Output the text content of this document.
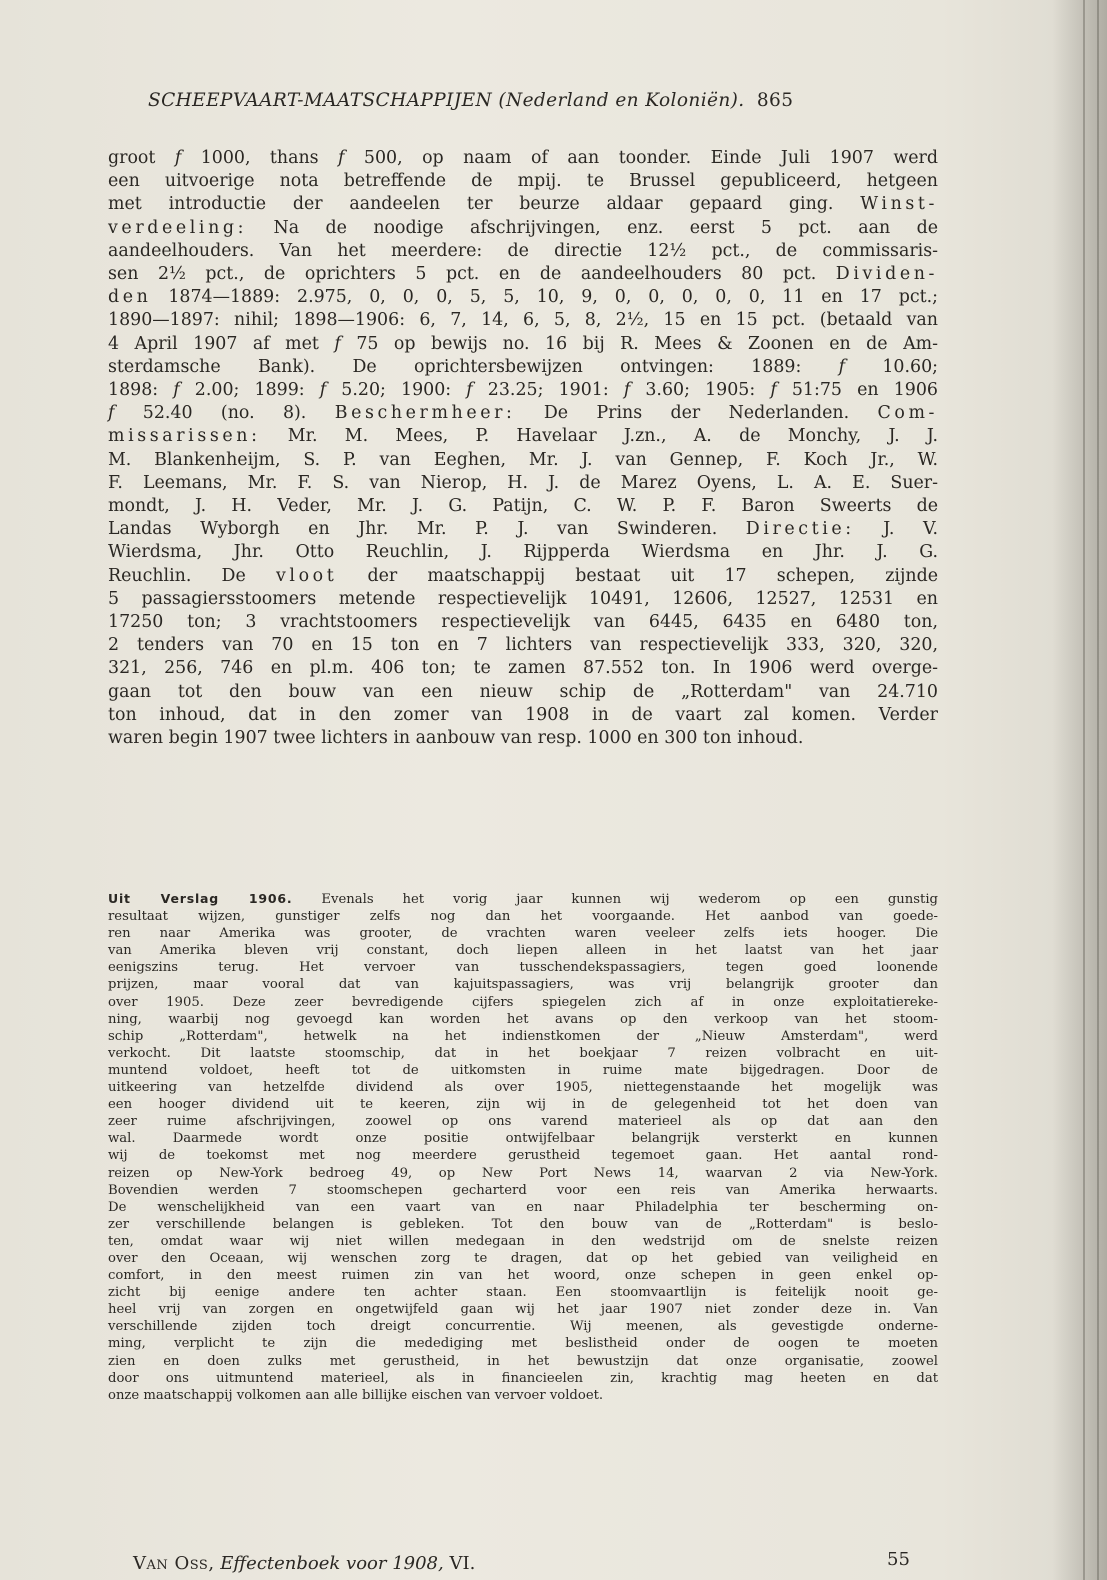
SCHEEPVAART-MAATSCHAPPIJEN (Nederland en Koloniën). 865
groot f 1000, thans f 500, op naam of aan toonder. Einde Juli 1907 werd
een uitvoerige nota betreffende de mpij. te Brussel gepubliceerd, hetgeen
met introductie der aandeelen ter beurze aldaar gepaard ging. Winst-
verdeeling: Na de noodige afschrijvingen, enz. eerst 5 pct. aan de
aandeelhouders. Van het meerdere: de directie 12½ pct., de commissaris-
sen 2½ pct., de oprichters 5 pct. en de aandeelhouders 80 pct. Dividen-
den 1874—1889: 2.975, 0, 0, 0, 5, 5, 10, 9, 0, 0, 0, 0, 0, 11 en 17 pct.;
1890—1897: nihil; 1898—1906: 6, 7, 14, 6, 5, 8, 2½, 15 en 15 pct. (betaald van
4 April 1907 af met f 75 op bewijs no. 16 bij R. Mees & Zoonen en de Am-
sterdamsche Bank). De oprichtersbewijzen ontvingen: 1889: f 10.60;
1898: f 2.00; 1899: f 5.20; 1900: f 23.25; 1901: f 3.60; 1905: f 51:75 en 1906
f 52.40 (no. 8). Beschermheer: De Prins der Nederlanden. Com-
missarissen: Mr. M. Mees, P. Havelaar J.zn., A. de Monchy, J. J.
M. Blankenheijm, S. P. van Eeghen, Mr. J. van Gennep, F. Koch Jr., W.
F. Leemans, Mr. F. S. van Nierop, H. J. de Marez Oyens, L. A. E. Suer-
mondt, J. H. Veder, Mr. J. G. Patijn, C. W. P. F. Baron Sweerts de
Landas Wyborgh en Jhr. Mr. P. J. van Swinderen. Directie: J. V.
Wierdsma, Jhr. Otto Reuchlin, J. Rijpperda Wierdsma en Jhr. J. G.
Reuchlin. De vloot der maatschappij bestaat uit 17 schepen, zijnde
5 passagiersstoomers metende respectievelijk 10491, 12606, 12527, 12531 en
17250 ton; 3 vrachtstoomers respectievelijk van 6445, 6435 en 6480 ton,
2 tenders van 70 en 15 ton en 7 lichters van respectievelijk 333, 320, 320,
321, 256, 746 en pl.m. 406 ton; te zamen 87.552 ton. In 1906 werd overge-
gaan tot den bouw van een nieuw schip de „Rotterdam" van 24.710
ton inhoud, dat in den zomer van 1908 in de vaart zal komen. Verder
waren begin 1907 twee lichters in aanbouw van resp. 1000 en 300 ton inhoud.
Uit Verslag 1906. Evenals het vorig jaar kunnen wij wederom op een gunstig
resultaat wijzen, gunstiger zelfs nog dan het voorgaande. Het aanbod van goede-
ren naar Amerika was grooter, de vrachten waren veeleer zelfs iets hooger. Die
van Amerika bleven vrij constant, doch liepen alleen in het laatst van het jaar
eenigszins terug. Het vervoer van tusschendekspassagiers, tegen goed loonende
prijzen, maar vooral dat van kajuitspassagiers, was vrij belangrijk grooter dan
over 1905. Deze zeer bevredigende cijfers spiegelen zich af in onze exploitatiereke-
ning, waarbij nog gevoegd kan worden het avans op den verkoop van het stoom-
schip „Rotterdam", hetwelk na het indienstkomen der „Nieuw Amsterdam", werd
verkocht. Dit laatste stoomschip, dat in het boekjaar 7 reizen volbracht en uit-
muntend voldoet, heeft tot de uitkomsten in ruime mate bijgedragen. Door de
uitkeering van hetzelfde dividend als over 1905, niettegenstaande het mogelijk was
een hooger dividend uit te keeren, zijn wij in de gelegenheid tot het doen van
zeer ruime afschrijvingen, zoowel op ons varend materieel als op dat aan den
wal. Daarmede wordt onze positie ontwijfelbaar belangrijk versterkt en kunnen
wij de toekomst met nog meerdere gerustheid tegemoet gaan. Het aantal rond-
reizen op New-York bedroeg 49, op New Port News 14, waarvan 2 via New-York.
Bovendien werden 7 stoomschepen gecharterd voor een reis van Amerika herwaarts.
De wenschelijkheid van een vaart van en naar Philadelphia ter bescherming on-
zer verschillende belangen is gebleken. Tot den bouw van de „Rotterdam" is beslo-
ten, omdat waar wij niet willen medegaan in den wedstrijd om de snelste reizen
over den Oceaan, wij wenschen zorg te dragen, dat op het gebied van veiligheid en
comfort, in den meest ruimen zin van het woord, onze schepen in geen enkel op-
zicht bij eenige andere ten achter staan. Een stoomvaartlijn is feitelijk nooit ge-
heel vrij van zorgen en ongetwijfeld gaan wij het jaar 1907 niet zonder deze in. Van
verschillende zijden toch dreigt concurrentie. Wij meenen, als gevestigde onderne-
ming, verplicht te zijn die medediging met beslistheid onder de oogen te moeten
zien en doen zulks met gerustheid, in het bewustzijn dat onze organisatie, zoowel
door ons uitmuntend materieel, als in financieelen zin, krachtig mag heeten en dat
onze maatschappij volkomen aan alle billijke eischen van vervoer voldoet.
Van Oss, Effectenboek voor 1908, VI.	55
